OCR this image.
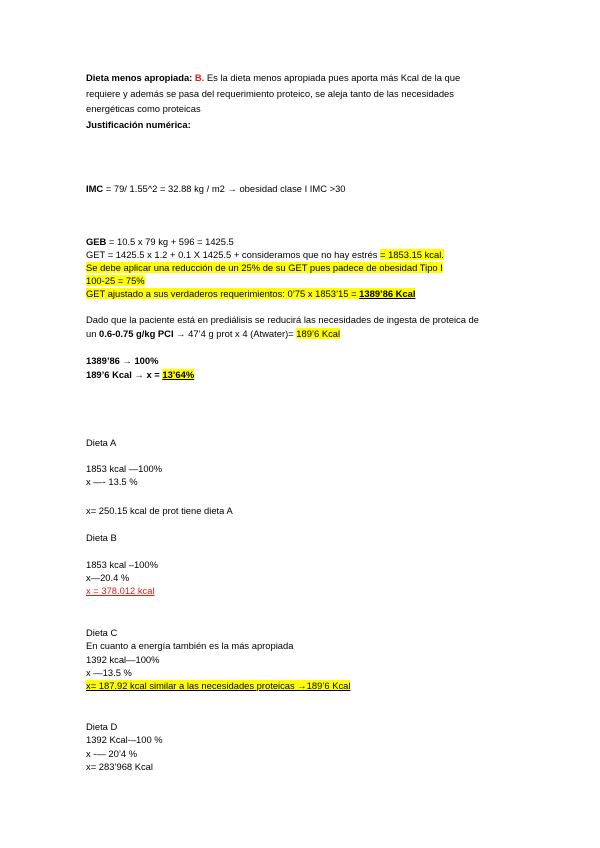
Dieta menos apropiada: B. Es la dieta menos apropiada pues aporta más Kcal de la que
requiere y además se pasa del requerimiento proteico, se aleja tanto de las necesidades
energéticas como proteicas
Justificación numérica:
IMC = 79/ 1.55^2 = 32.88 kg / m2 → obesidad clase I IMC >30
GEB = 10.5 x 79 kg + 596 = 1425.5
GET = 1425.5 x 1.2 + 0.1 X 1425.5 + consideramos que no hay estrés = 1853.15 kcal.
Se debe aplicar una reducción de un 25% de su GET pues padece de obesidad Tipo I
100-25 = 75%
GET ajustado a sus verdaderos requerimientos: 0’75 x 1853’15 = 1389’86 Kcal
Dado que la paciente está en prediálisis se reducirá las necesidades de ingesta de proteica de
un 0.6-0.75 g/kg PCI → 47’4 g prot x 4 (Atwater)= 189’6 Kcal
1389’86 → 100%
189’6 Kcal → x = 13’64%
Dieta A
1853 kcal —100%
x —- 13.5 %
x= 250.15 kcal de prot tiene dieta A
Dieta B
1853 kcal –100%
x—20.4 %
x = 378.012 kcal
Dieta C
En cuanto a energía también es la más apropiada
1392 kcal—100%
x —13.5 %
x= 187.92 kcal similar a las necesidades proteicas →189’6 Kcal
Dieta D
1392 Kcal-–100 %
x -— 20’4 %
x= 283’968 Kcal
